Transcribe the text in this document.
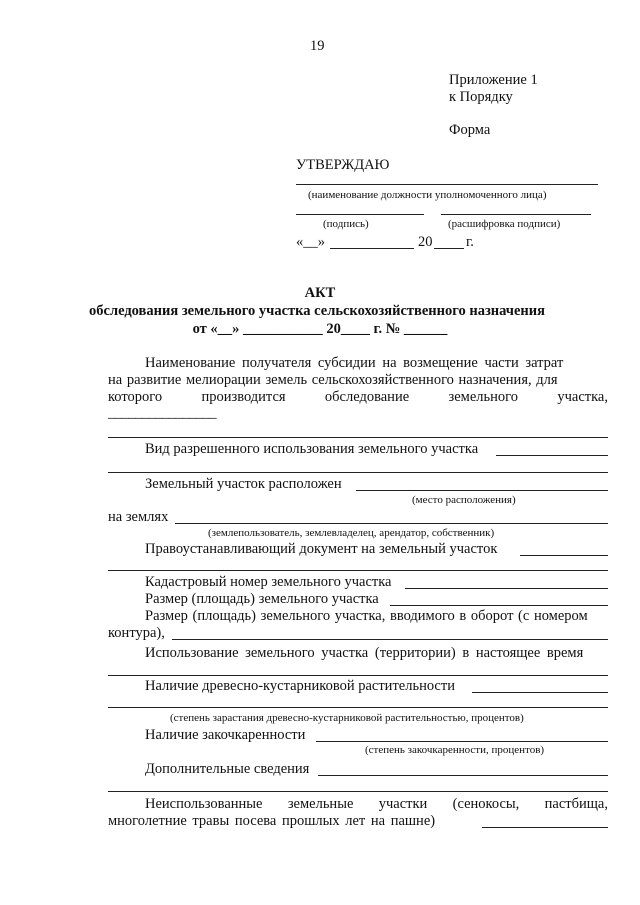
19
Приложение 1
к Порядку
Форма
УТВЕРЖДАЮ
(наименование должности уполномоченного лица)
(подпись)	(расшифровка подписи)
«__»	20 г.
АКТ
обследования земельного участка сельскохозяйственного назначения
от «__» ___________ 20____ г. № ______
Наименование получателя субсидии на возмещение части затрат
на развитие мелиорации земель сельскохозяйственного назначения, для
которого	производится	обследование	земельного	участка,
________________
Вид разрешенного использования земельного участка
Земельный участок расположен
(место расположения)
на землях
(землепользователь, землевладелец, арендатор, собственник)
Правоустанавливающий документ на земельный участок
Кадастровый номер земельного участка
Размер (площадь) земельного участка
Размер (площадь) земельного участка, вводимого в оборот (с номером
контура),
Использование земельного участка (территории) в настоящее время
Наличие древесно-кустарниковой растительности
(степень зарастания древесно-кустарниковой растительностью, процентов)
Наличие закочкаренности
(степень закочкаренности, процентов)
Дополнительные сведения
Неиспользованные земельные участки (сенокосы, пастбища,
многолетние травы посева прошлых лет на пашне)
